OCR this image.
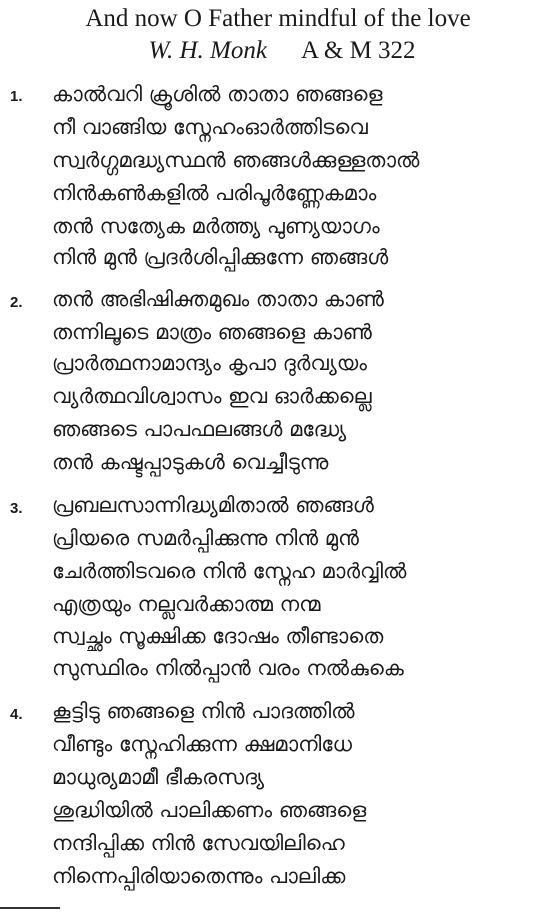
And now O Father mindful of the love
W. H. Monk A & M 322
1. കാൽവറി ക്രൂശിൽ താതാ ഞങ്ങളെ
നീ വാങ്ങിയ സ്നേഹംഓർത്തിടവെ
സ്വർഗ്ഗമദ്ധ്യസ്ഥൻ ഞങ്ങൾക്കുള്ളതാൽ
നിൻകൺകളിൽ പരിപൂർണ്ണേകമാം
തൻ സത്യേക മർത്ത്യ പുണ്യയാഗം
നിൻ മുൻ പ്രദർശിപ്പിക്കുന്നേ ഞങ്ങൾ
2. തൻ അഭിഷിക്തമുഖം താതാ കാൺ
തന്നിലൂടെ മാത്രം ഞങ്ങളെ കാൺ
പ്രാർത്ഥനാമാന്ദ്യം കൃപാ ദുർവ്യയം
വ്യർത്ഥവിശ്വാസം ഇവ ഓർക്കല്ലെ
ഞങ്ങടെ പാപഫലങ്ങൾ മദ്ധ്യേ
തൻ കഷ്ടപ്പാടുകൾ വെച്ചീടുന്നു
3. പ്രബലസാന്നിദ്ധ്യമിതാൽ ഞങ്ങൾ
പ്രിയരെ സമർപ്പിക്കുന്നു നിൻ മുൻ
ചേർത്തിടവരെ നിൻ സ്നേഹ മാർവ്വിൽ
എത്രയും നല്ലവർക്കാത്മ നന്മ
സ്വച്ഛം സൂക്ഷിക്ക ദോഷം തീണ്ടാതെ
സുസ്ഥിരം നിൽപ്പാൻ വരം നൽകുകെ
4. കൂട്ടിടു ഞങ്ങളെ നിൻ പാദത്തിൽ
വീണ്ടും സ്നേഹിക്കുന്ന ക്ഷമാനിധേ
മാധുര്യമാമീ ഭീകരസദ്യ
ശുദ്ധിയിൽ പാലിക്കണം ഞങ്ങളെ
നന്ദിപ്പിക്ക നിൻ സേവയിലിഹെ
നിന്നെപ്പിരിയാതെന്നും പാലിക്ക
